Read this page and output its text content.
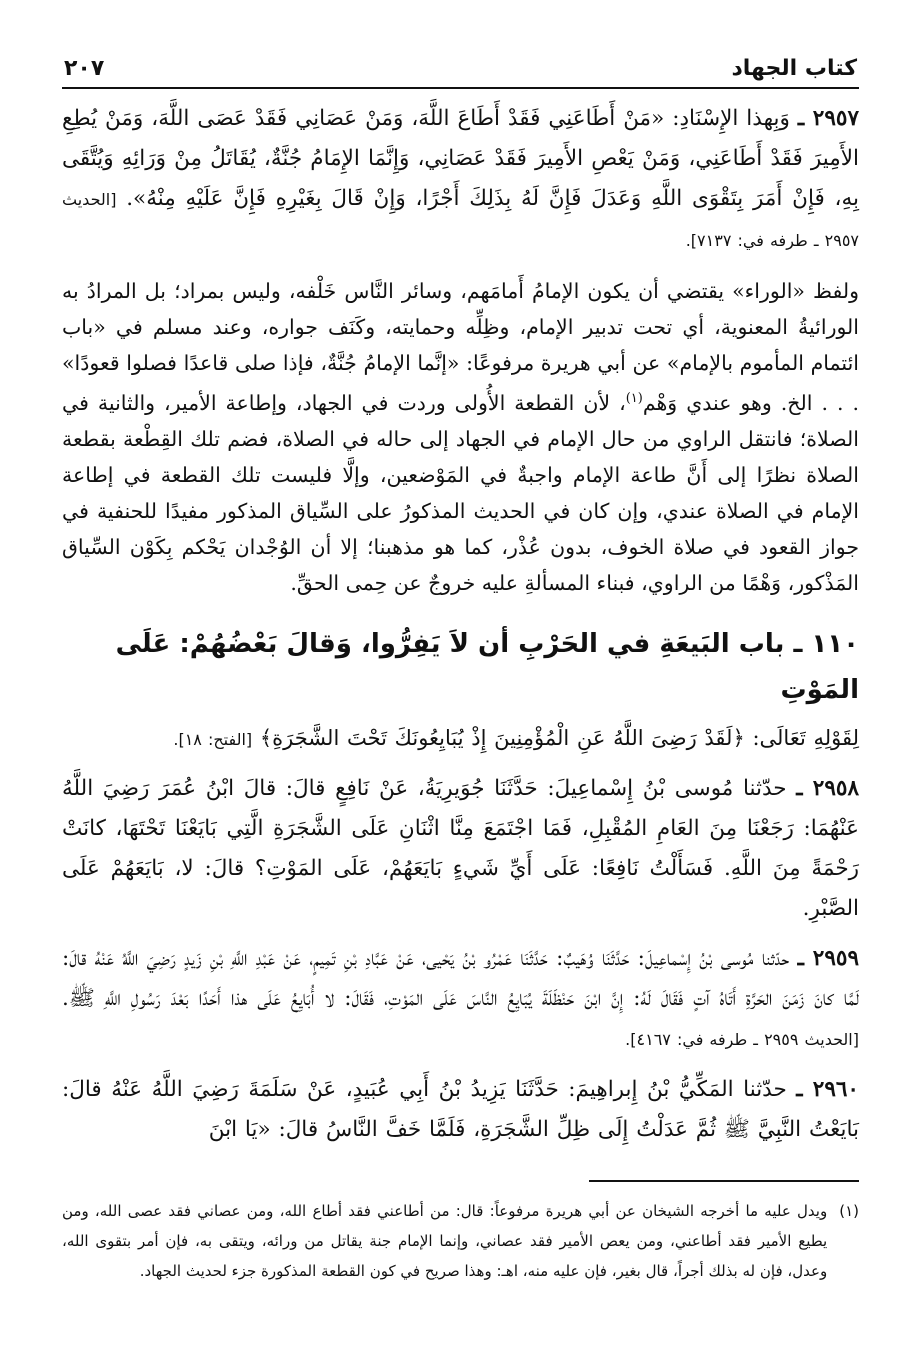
كتاب الجهاد
٢٠٧

٢٩٥٧ ـ وَبِهذا الإِسْنَادِ: «مَنْ أَطَاعَنِي فَقَدْ أَطَاعَ اللَّهَ، وَمَنْ عَصَانِي فَقَدْ عَصَى اللَّهَ، وَمَنْ يُطِعِ الأَمِيرَ فَقَدْ أَطَاعَنِي، وَمَنْ يَعْصِ الأَمِيرَ فَقَدْ عَصَانِي، وَإِنَّمَا الإِمَامُ جُنَّةٌ، يُقَاتَلُ مِنْ وَرَائِهِ وَيُتَّقَى بِهِ، فَإِنْ أَمَرَ بِتَقْوَى اللَّهِ وَعَدَلَ فَإِنَّ لَهُ بِذَلِكَ أَجْرًا، وَإِنْ قَالَ بِغَيْرِهِ فَإِنَّ عَلَيْهِ مِنْهُ». [الحديث ٢٩٥٧ ـ طرفه في: ٧١٣٧].

ولفظ «الوراء» يقتضي أن يكون الإمامُ أَمامَهم، وسائر النَّاس خَلْفه، وليس بمراد؛ بل المرادُ به الورائيةُ المعنوية، أي تحت تدبير الإمام، وظِلِّه وحمايته، وكَنَف جواره، وعند مسلم في «باب ائتمام المأموم بالإمام» عن أبي هريرة مرفوعًا: «إنَّما الإمامُ جُنَّةٌ، فإذا صلى قاعدًا فصلوا قعودًا» . . . الخ. وهو عندي وَهْم$^{(١)}$، لأن القطعة الأُولى وردت في الجهاد، وإطاعة الأمير، والثانية في الصلاة؛ فانتقل الراوي من حال الإمام في الجهاد إلى حاله في الصلاة، فضم تلك القِطْعة بقطعة الصلاة نظرًا إلى أَنَّ طاعة الإمام واجبةٌ في المَوْضعين، وإلَّا فليست تلك القطعة في إطاعة الإمام في الصلاة عندي، وإن كان في الحديث المذكورُ على السِّياق المذكور مفيدًا للحنفية في جواز القعود في صلاة الخوف، بدون عُذْر، كما هو مذهبنا؛ إلا أن الوُجْدان يَحْكم بِكَوْن السِّياق المَذْكور، وَهْمًا من الراوي، فبناء المسألةِ عليه خروجٌ عن حِمى الحقِّ.

١١٠ ـ باب البَيعَةِ في الحَرْبِ أن لاَ يَفِرُّوا، وَقالَ بَعْضُهُمْ: عَلَى المَوْتِ

لِقَوْلِهِ تَعَالَى: ﴿لَقَدْ رَضِىَ اللَّهُ عَنِ الْمُؤْمِنِينَ إِذْ يُبَايِعُونَكَ تَحْتَ الشَّجَرَةِ﴾ [الفتح: ١٨].

٢٩٥٨ ـ حدّثنا مُوسى بْنُ إِسْماعِيلَ: حَدَّثَنَا جُوَيرِيَةُ، عَنْ نَافِعٍ قالَ: قالَ ابْنُ عُمَرَ رَضِيَ اللَّهُ عَنْهُمَا: رَجَعْنَا مِنَ العَامِ المُقْبِلِ، فَمَا اجْتَمَعَ مِنَّا اثْنَانِ عَلَى الشَّجَرَةِ الَّتِي بَايَعْنَا تَحْتَهَا، كانَتْ رَحْمَةً مِنَ اللَّهِ. فَسَأَلْتُ نَافِعًا: عَلَى أَيِّ شَيءٍ بَايَعَهُمْ، عَلَى المَوْتِ؟ قالَ: لا، بَايَعَهُمْ عَلَى الصَّبْرِ.

٢٩٥٩ ـ حدّثنا مُوسى بْنُ إِسْماعِيلَ: حَدَّثَنَا وُهَيبٌ: حَدَّثَنَا عَمْرُو بْنُ يَحْيى، عَنْ عَبَّادِ بْنِ تَمِيمٍ، عَنْ عَبْدِ اللَّهِ بْنِ زَيدٍ رَضِيَ اللَّهُ عَنْهُ قالَ: لَمَّا كانَ زَمَنَ الحَرَّةِ أَتَاهُ آتٍ فَقَالَ لَهُ: إِنَّ ابْنَ حَنْظَلَةَ يُبَايِعُ النَّاسَ عَلَى المَوْتِ، فَقَالَ: لا أُبَايِعُ عَلَى هذا أَحَدًا بَعْدَ رَسُولِ اللَّهِ ﷺ. [الحديث ٢٩٥٩ ـ طرفه في: ٤١٦٧].

٢٩٦٠ ـ حدّثنا المَكِّيُّ بْنُ إِبراهِيمَ: حَدَّثَنَا يَزِيدُ بْنُ أَبِي عُبَيدٍ، عَنْ سَلَمَةَ رَضِيَ اللَّهُ عَنْهُ قالَ: بَايَعْتُ النَّبِيَّ ﷺ ثُمَّ عَدَلْتُ إِلَى ظِلِّ الشَّجَرَةِ، فَلَمَّا خَفَّ النَّاسُ قالَ: «يَا ابْنَ

(١)
ويدل عليه ما أخرجه الشيخان عن أبي هريرة مرفوعاً: قال: من أطاعني فقد أطاع الله، ومن عصاني فقد عصى الله، ومن يطيع الأمير فقد أطاعني، ومن يعص الأمير فقد عصاني، وإنما الإمام جنة يقاتل من ورائه، ويتقى به، فإن أمر بتقوى الله، وعدل، فإن له بذلك أجراً، قال بغير، فإن عليه منه، اهـ: وهذا صريح في كون القطعة المذكورة جزء لحديث الجهاد.
